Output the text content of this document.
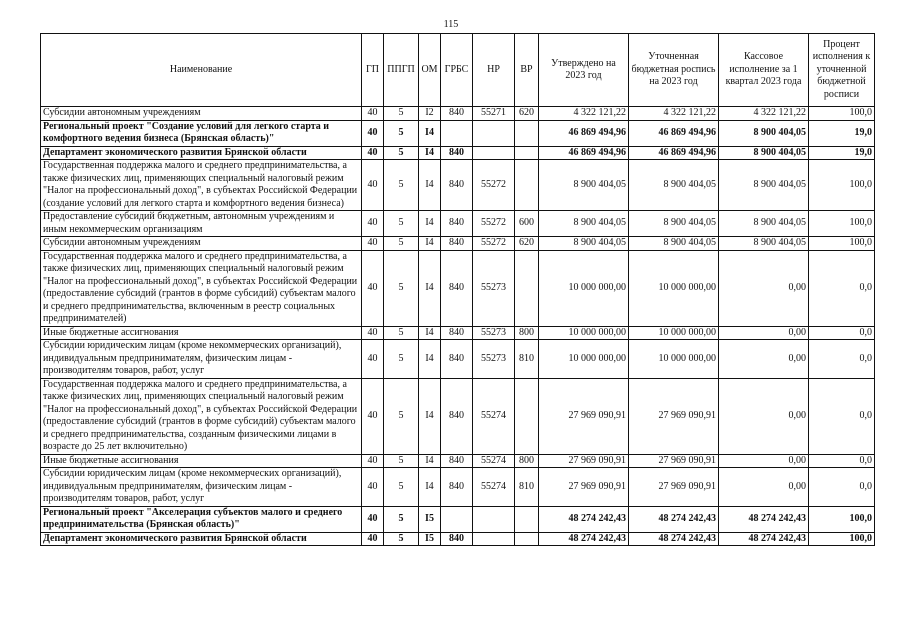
115
Наименование	ГП	ППГП	ОМ	ГРБС	НР	ВР	Утверждено на 2023 год	Уточненная бюджетная роспись на 2023 год	Кассовое исполнение за 1 квартал 2023 года	Процент исполнения к уточненной бюджетной росписи
Субсидии автономным учреждениям	40	5	I2	840	55271	620	4 322 121,22	4 322 121,22	4 322 121,22	100,0
Региональный проект "Создание условий для легкого старта и комфортного ведения бизнеса (Брянская область)"	40	5	I4				46 869 494,96	46 869 494,96	8 900 404,05	19,0
Департамент экономического развития Брянской области	40	5	I4	840			46 869 494,96	46 869 494,96	8 900 404,05	19,0
Государственная поддержка малого и среднего предпринимательства, а также физических лиц, применяющих специальный налоговый режим "Налог на профессиональный доход", в субъектах Российской Федерации (создание условий для легкого старта и комфортного ведения бизнеса)	40	5	I4	840	55272		8 900 404,05	8 900 404,05	8 900 404,05	100,0
Предоставление субсидий бюджетным, автономным учреждениям и иным некоммерческим организациям	40	5	I4	840	55272	600	8 900 404,05	8 900 404,05	8 900 404,05	100,0
Субсидии автономным учреждениям	40	5	I4	840	55272	620	8 900 404,05	8 900 404,05	8 900 404,05	100,0
Государственная поддержка малого и среднего предпринимательства, а также физических лиц, применяющих специальный налоговый режим "Налог на профессиональный доход", в субъектах Российской Федерации (предоставление субсидий (грантов в форме субсидий) субъектам малого и среднего предпринимательства, включенным в реестр социальных предпринимателей)	40	5	I4	840	55273		10 000 000,00	10 000 000,00	0,00	0,0
Иные бюджетные ассигнования	40	5	I4	840	55273	800	10 000 000,00	10 000 000,00	0,00	0,0
Субсидии юридическим лицам (кроме некоммерческих организаций), индивидуальным предпринимателям, физическим лицам - производителям товаров, работ, услуг	40	5	I4	840	55273	810	10 000 000,00	10 000 000,00	0,00	0,0
Государственная поддержка малого и среднего предпринимательства, а также физических лиц, применяющих специальный налоговый режим "Налог на профессиональный доход", в субъектах Российской Федерации (предоставление субсидий (грантов в форме субсидий) субъектам малого и среднего предпринимательства, созданным физическими лицами в возрасте до 25 лет включительно)	40	5	I4	840	55274		27 969 090,91	27 969 090,91	0,00	0,0
Иные бюджетные ассигнования	40	5	I4	840	55274	800	27 969 090,91	27 969 090,91	0,00	0,0
Субсидии юридическим лицам (кроме некоммерческих организаций), индивидуальным предпринимателям, физическим лицам - производителям товаров, работ, услуг	40	5	I4	840	55274	810	27 969 090,91	27 969 090,91	0,00	0,0
Региональный проект "Акселерация субъектов малого и среднего предпринимательства (Брянская область)"	40	5	I5				48 274 242,43	48 274 242,43	48 274 242,43	100,0
Департамент экономического развития Брянской области	40	5	I5	840			48 274 242,43	48 274 242,43	48 274 242,43	100,0
